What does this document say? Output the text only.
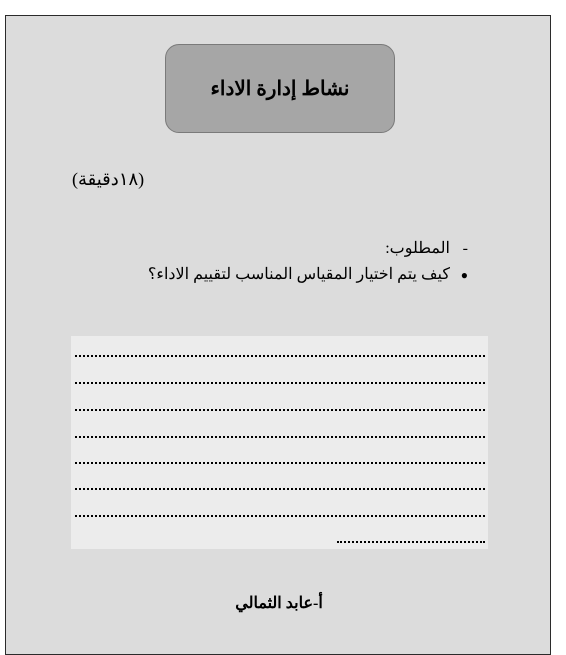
نشاط إدارة الاداء
(١٨دقيقة)
-المطلوب:
●كيف يتم اختيار المقياس المناسب لتقييم الاداء؟
أ-عابد الثمالي
